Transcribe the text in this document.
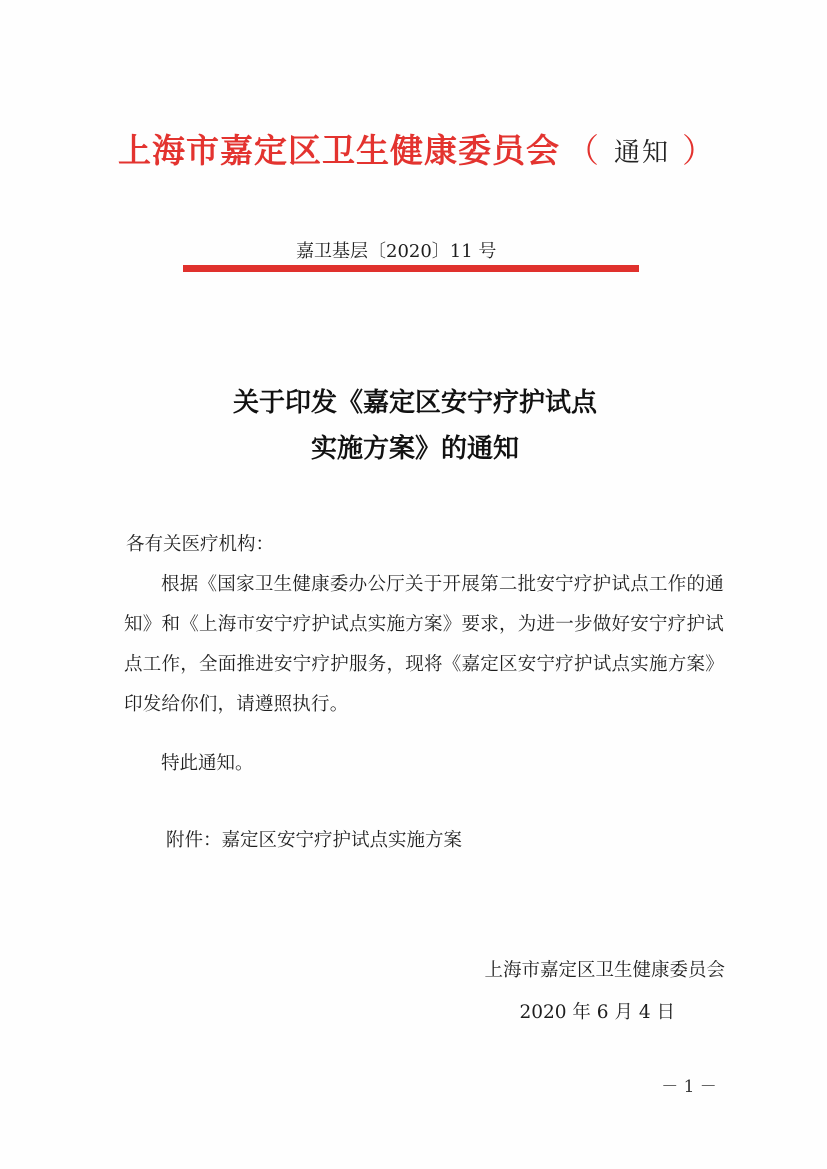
上海市嘉定区卫生健康委员会 （ 通知 ）
嘉卫基层〔2020〕11 号
关于印发《嘉定区安宁疗护试点
实施方案》的通知
各有关医疗机构：

根据《国家卫生健康委办公厅关于开展第二批安宁疗护试点工作的通知》和《上海市安宁疗护试点实施方案》要求，为进一步做好安宁疗护试点工作，全面推进安宁疗护服务，现将《嘉定区安宁疗护试点实施方案》印发给你们，请遵照执行。

特此通知。
附件：嘉定区安宁疗护试点实施方案
上海市嘉定区卫生健康委员会
2020 年 6 月 4 日
－ 1 －
